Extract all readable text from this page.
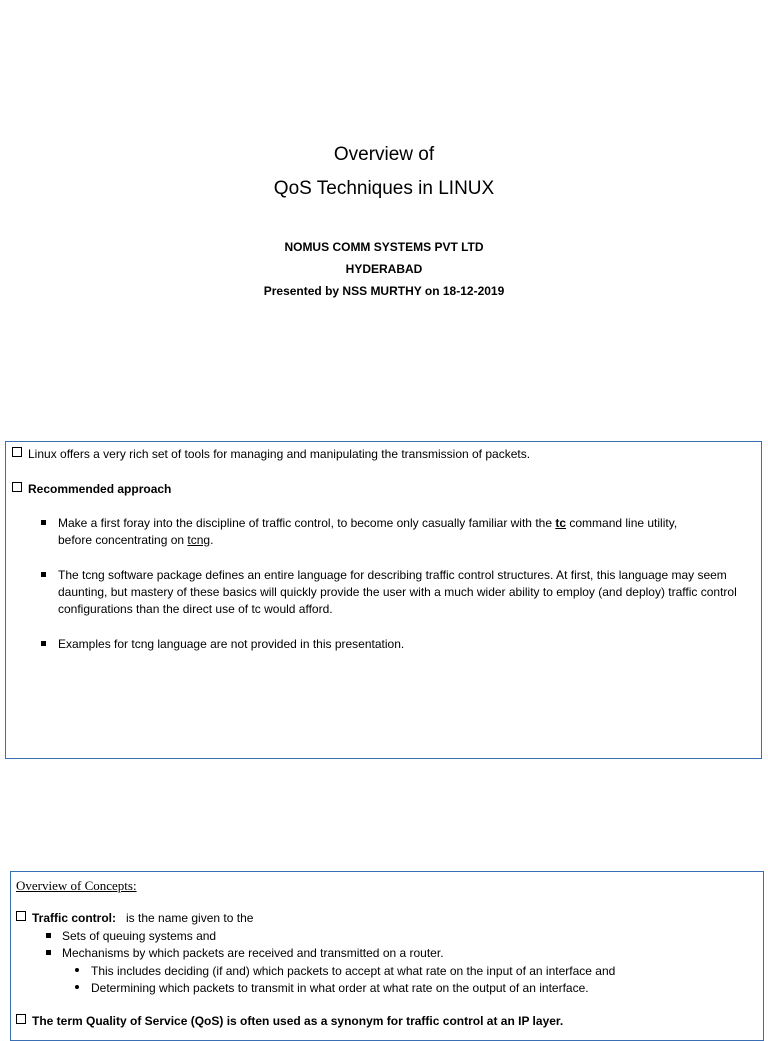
Overview of
QoS Techniques in LINUX
NOMUS COMM SYSTEMS PVT LTD
HYDERABAD
Presented by NSS MURTHY on 18-12-2019
Linux offers a very rich set of tools for managing and manipulating the transmission of packets.
Recommended approach
Make a first foray into the discipline of traffic control, to become only casually familiar with the tc command line utility,
before concentrating on tcng.
The tcng software package defines an entire language for describing traffic control structures. At first, this language may seem daunting, but mastery of these basics will quickly provide the user with a much wider ability to employ (and deploy) traffic control configurations than the direct use of tc would afford.
Examples for tcng language are not provided in this presentation.
Overview of Concepts:
Traffic control:   is the name given to the
Sets of queuing systems and
Mechanisms by which packets are received and transmitted on a router.
This includes deciding (if and) which packets to accept at what rate on the input of an interface and
Determining which packets to transmit in what order at what rate on the output of an interface.
The term Quality of Service (QoS) is often used as a synonym for traffic control at an IP layer.
